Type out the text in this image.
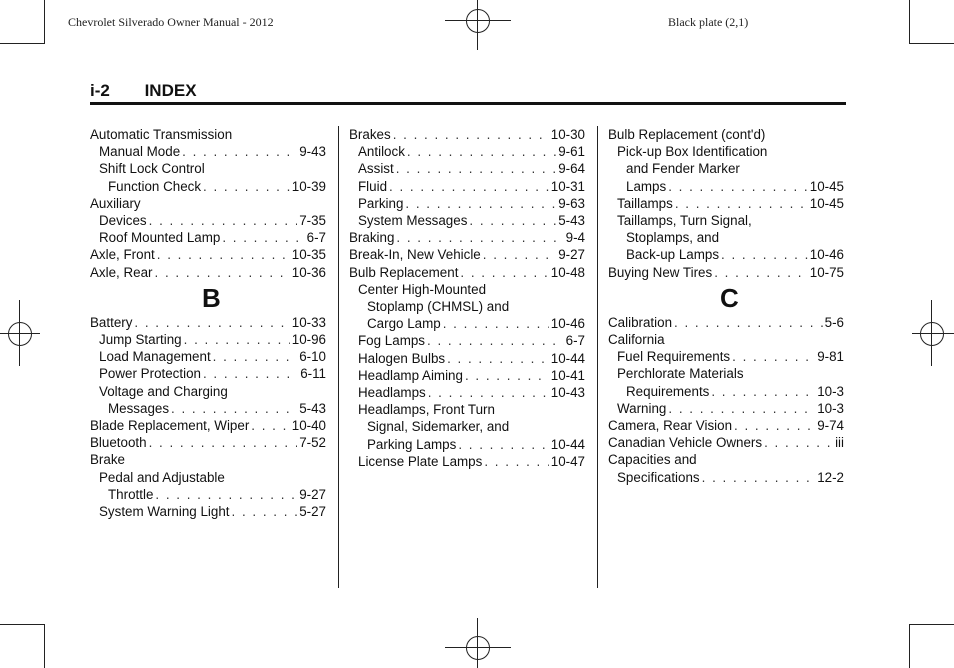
Chevrolet Silverado Owner Manual - 2012	Black plate (2,1)
i-2 INDEX
Automatic Transmission
Manual Mode . . .	9-43
Shift Lock Control
Function Check . . .	10-39
Auxiliary
Devices . . .	7-35
Roof Mounted Lamp . . .	6-7
Axle, Front . . .	10-35
Axle, Rear . . .	10-36
B
Battery . . .	10-33
Jump Starting . . .	10-96
Load Management . . .	6-10
Power Protection . . .	6-11
Voltage and Charging
Messages . . .	5-43
Blade Replacement, Wiper . . .	10-40
Bluetooth . . .	7-52
Brake
Pedal and Adjustable
Throttle . . .	9-27
System Warning Light . . .	5-27
Brakes . . .	10-30
Antilock . . .	9-61
Assist . . .	9-64
Fluid . . .	10-31
Parking . . .	9-63
System Messages . . .	5-43
Braking . . .	9-4
Break-In, New Vehicle . . .	9-27
Bulb Replacement . . .	10-48
Center High-Mounted
Stoplamp (CHMSL) and
Cargo Lamp . . .	10-46
Fog Lamps . . .	6-7
Halogen Bulbs . . .	10-44
Headlamp Aiming . . .	10-41
Headlamps . . .	10-43
Headlamps, Front Turn
Signal, Sidemarker, and
Parking Lamps . . .	10-44
License Plate Lamps . . .	10-47
Bulb Replacement (cont'd)
Pick-up Box Identification
and Fender Marker
Lamps . . .	10-45
Taillamps . . .	10-45
Taillamps, Turn Signal,
Stoplamps, and
Back-up Lamps . . .	10-46
Buying New Tires . . .	10-75
C
Calibration . . .	5-6
California
Fuel Requirements . . .	9-81
Perchlorate Materials
Requirements . . .	10-3
Warning . . .	10-3
Camera, Rear Vision . . .	9-74
Canadian Vehicle Owners . . .	iii
Capacities and
Specifications . . .	12-2
